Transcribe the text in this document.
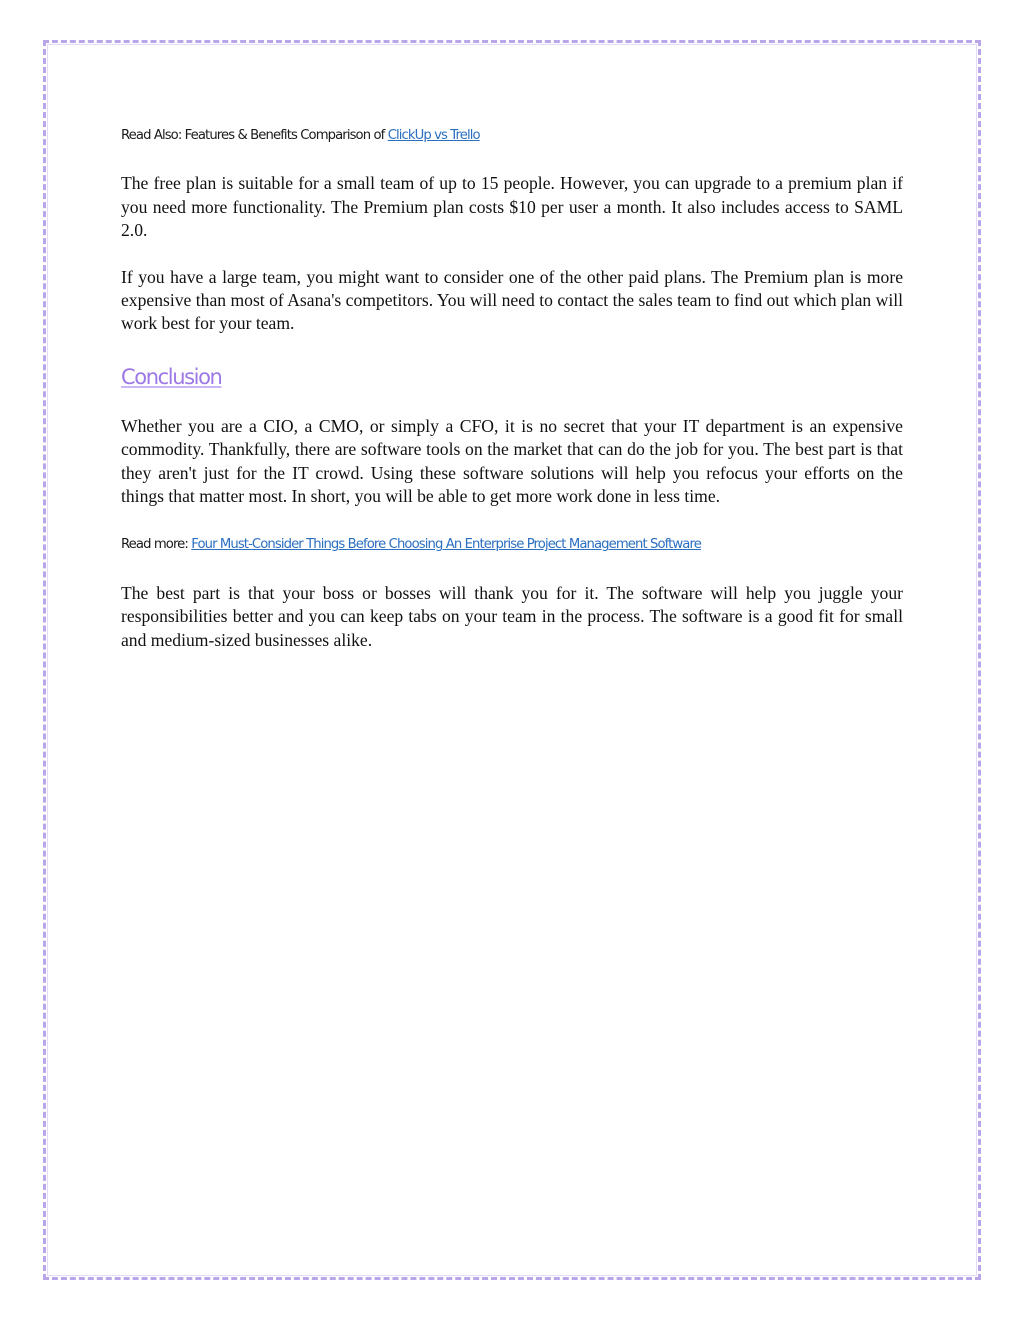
Read Also: Features & Benefits Comparison of ClickUp vs Trello

The free plan is suitable for a small team of up to 15 people. However, you can upgrade to a premium plan if you need more functionality. The Premium plan costs $10 per user a month. It also includes access to SAML 2.0.

If you have a large team, you might want to consider one of the other paid plans. The Premium plan is more expensive than most of Asana's competitors. You will need to contact the sales team to find out which plan will work best for your team.

Conclusion

Whether you are a CIO, a CMO, or simply a CFO, it is no secret that your IT department is an expensive commodity. Thankfully, there are software tools on the market that can do the job for you. The best part is that they aren't just for the IT crowd. Using these software solutions will help you refocus your efforts on the things that matter most. In short, you will be able to get more work done in less time.

Read more: Four Must-Consider Things Before Choosing An Enterprise Project Management Software

The best part is that your boss or bosses will thank you for it. The software will help you juggle your responsibilities better and you can keep tabs on your team in the process. The software is a good fit for small and medium-sized businesses alike.
